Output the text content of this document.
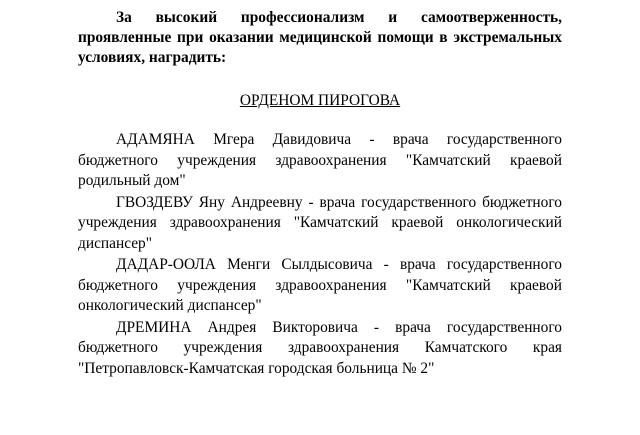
За высокий профессионализм и самоотверженность, проявленные при оказании медицинской помощи в экстремальных условиях, наградить:

ОРДЕНОМ ПИРОГОВА

АДАМЯНА Мгера Давидовича - врача государственного бюджетного учреждения здравоохранения "Камчатский краевой родильный дом"
ГВОЗДЕВУ Яну Андреевну - врача государственного бюджетного учреждения здравоохранения "Камчатский краевой онкологический диспансер"
ДАДАР-ООЛА Менги Сылдысовича - врача государственного бюджетного учреждения здравоохранения "Камчатский краевой онкологический диспансер"
ДРЕМИНА Андрея Викторовича - врача государственного бюджетного учреждения здравоохранения Камчатского края "Петропавловск-Камчатская городская больница № 2"
